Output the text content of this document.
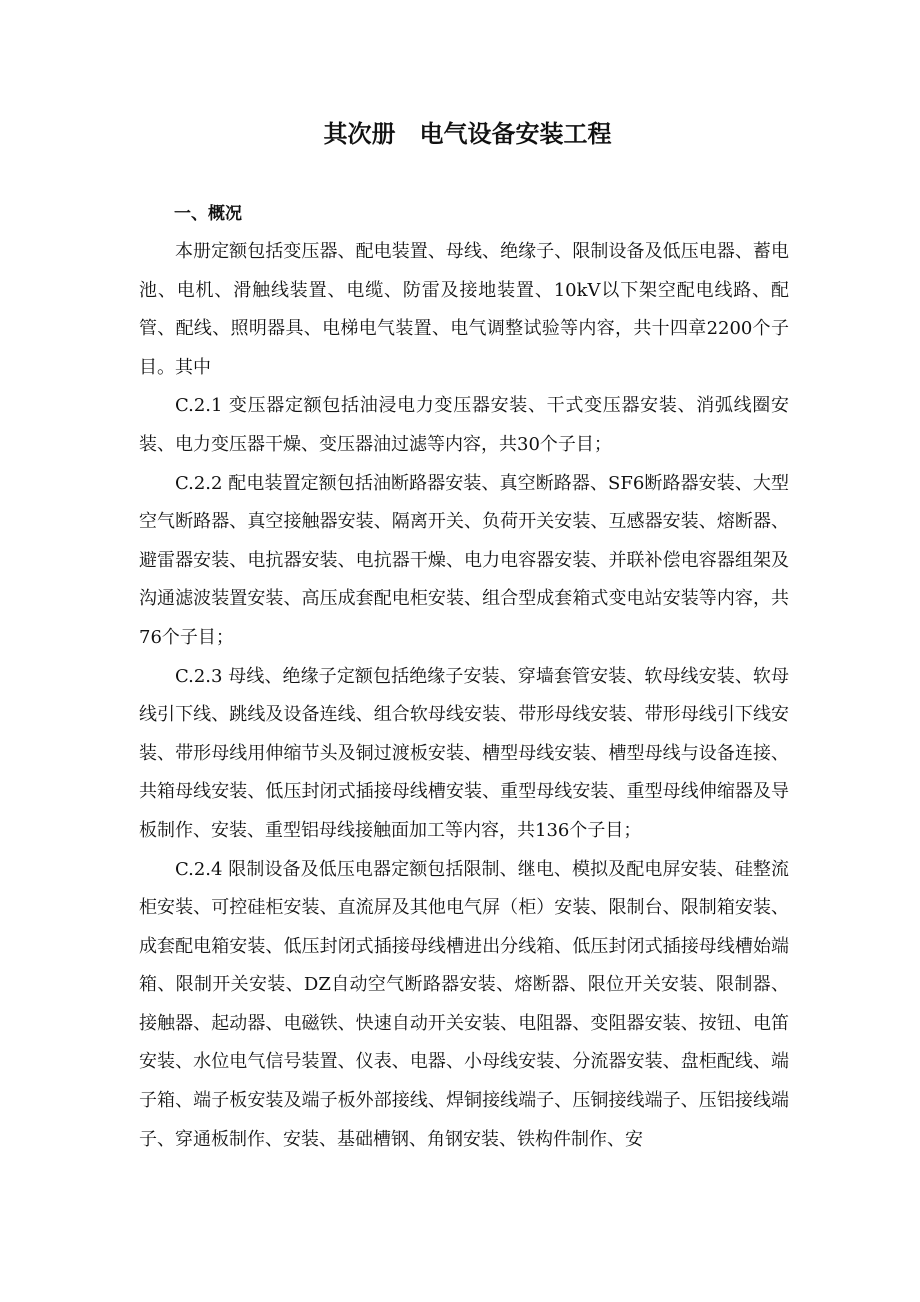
其次册　电气设备安装工程
一、概况

本册定额包括变压器、配电装置、母线、绝缘子、限制设备及低压电器、蓄电池、电机、滑触线装置、电缆、防雷及接地装置、10kV以下架空配电线路、配管、配线、照明器具、电梯电气装置、电气调整试验等内容，共十四章2200个子目。其中

C.2.1 变压器定额包括油浸电力变压器安装、干式变压器安装、消弧线圈安装、电力变压器干燥、变压器油过滤等内容，共30个子目；

C.2.2 配电装置定额包括油断路器安装、真空断路器、SF6断路器安装、大型空气断路器、真空接触器安装、隔离开关、负荷开关安装、互感器安装、熔断器、避雷器安装、电抗器安装、电抗器干燥、电力电容器安装、并联补偿电容器组架及沟通滤波装置安装、高压成套配电柜安装、组合型成套箱式变电站安装等内容，共76个子目；

C.2.3 母线、绝缘子定额包括绝缘子安装、穿墙套管安装、软母线安装、软母线引下线、跳线及设备连线、组合软母线安装、带形母线安装、带形母线引下线安装、带形母线用伸缩节头及铜过渡板安装、槽型母线安装、槽型母线与设备连接、共箱母线安装、低压封闭式插接母线槽安装、重型母线安装、重型母线伸缩器及导板制作、安装、重型铝母线接触面加工等内容，共136个子目；

C.2.4 限制设备及低压电器定额包括限制、继电、模拟及配电屏安装、硅整流柜安装、可控硅柜安装、直流屏及其他电气屏（柜）安装、限制台、限制箱安装、成套配电箱安装、低压封闭式插接母线槽进出分线箱、低压封闭式插接母线槽始端箱、限制开关安装、DZ自动空气断路器安装、熔断器、限位开关安装、限制器、接触器、起动器、电磁铁、快速自动开关安装、电阻器、变阻器安装、按钮、电笛安装、水位电气信号装置、仪表、电器、小母线安装、分流器安装、盘柜配线、端子箱、端子板安装及端子板外部接线、焊铜接线端子、压铜接线端子、压铝接线端子、穿通板制作、安装、基础槽钢、角钢安装、铁构件制作、安
